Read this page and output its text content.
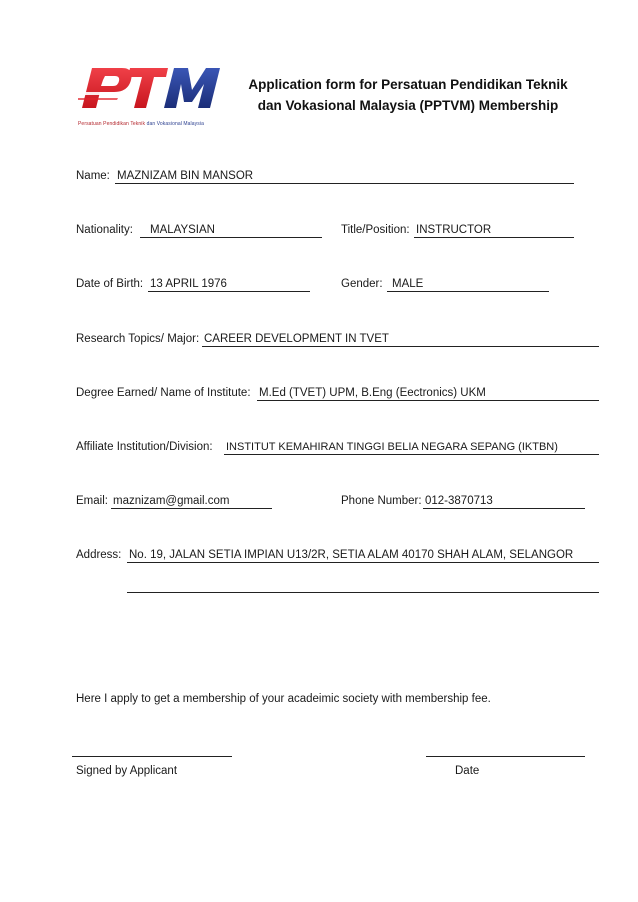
Persatuan Pendidikan Teknik dan Vokasional Malaysia
Application form for Persatuan Pendidikan Teknik
dan Vokasional Malaysia (PPTVM) Membership
Name: MAZNIZAM BIN MANSOR
Nationality:	MALAYSIAN	Title/Position: INSTRUCTOR
Date of Birth: 13 APRIL 1976	Gender: MALE
Research Topics/ Major: CAREER DEVELOPMENT IN TVET
Degree Earned/ Name of Institute: M.Ed (TVET) UPM, B.Eng (Eectronics) UKM
Affiliate Institution/Division: INSTITUT KEMAHIRAN TINGGI BELIA NEGARA SEPANG (IKTBN)
Email: maznizam@gmail.com	Phone Number: 012-3870713
Address: No. 19, JALAN SETIA IMPIAN U13/2R, SETIA ALAM 40170 SHAH ALAM, SELANGOR
Here I apply to get a membership of your acadeimic society with membership fee.
Signed by Applicant	Date
